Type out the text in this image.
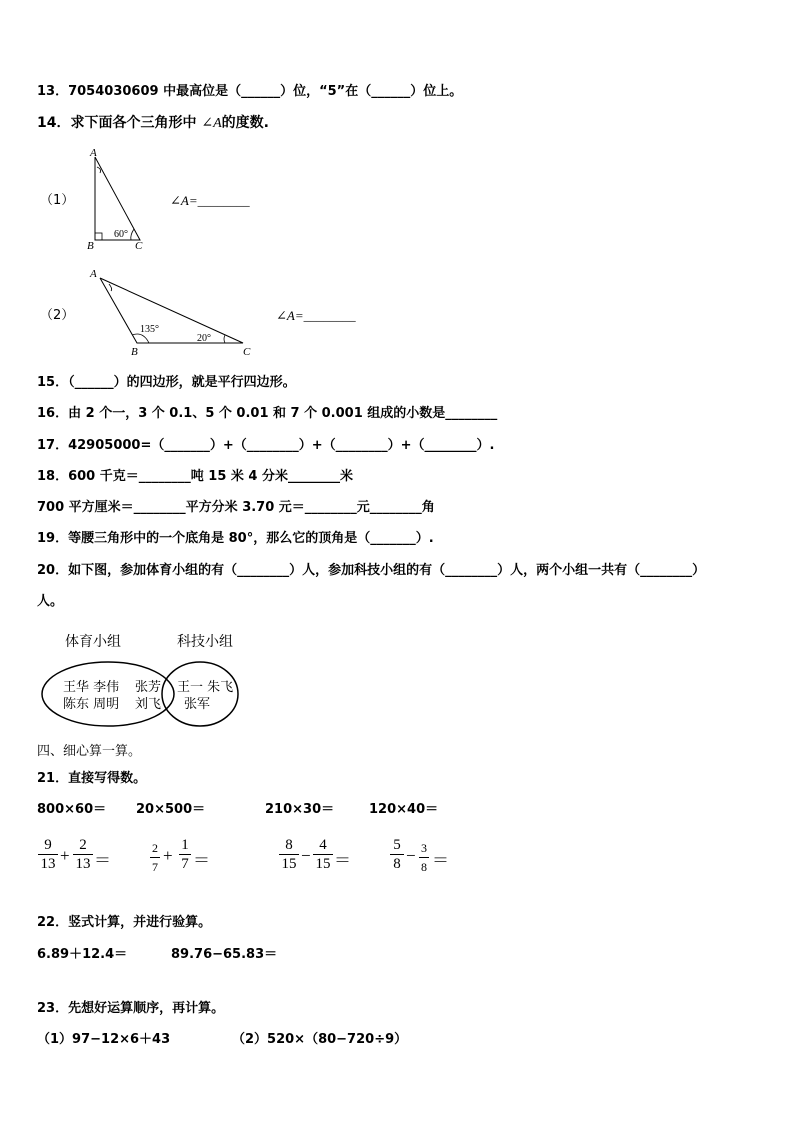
13．7054030609 中最高位是（______）位，“5”在（______）位上。
14．求下面各个三角形中 ∠A的度数.
（1）
A
B	C
60°
∠A=________
（2）
A
B	C
135°
20°
∠A=________
15．（______）的四边形，就是平行四边形。
16．由 2 个一，3 个 0.1、5 个 0.01 和 7 个 0.001 组成的小数是________
17．42905000=（_______）+（________）+（________）+（________）.
18．600 千克＝________吨 15 米 4 分米________米
700 平方厘米＝________平方分米 3.70 元＝________元________角
19．等腰三角形中的一个底角是 80°，那么它的顶角是（_______）.
20．如下图，参加体育小组的有（________）人，参加科技小组的有（________）人，两个小组一共有（________）
人。
体育小组	科技小组
王华 李伟
陈东 周明
张芳
刘飞
王一 朱飞
张军
四、细心算一算。
21．直接写得数。
800×60＝ 20×500＝	210×30＝	120×40＝
9
13 +
2
13 ＝
2
7
+
1
7 ＝
8
15 −
4
15 ＝
5
8 − 3
8 ＝
22．竖式计算，并进行验算。
6.89＋12.4＝	89.76−65.83＝
23．先想好运算顺序，再计算。
（1）97−12×6＋43	（2）520×（80−720÷9）
